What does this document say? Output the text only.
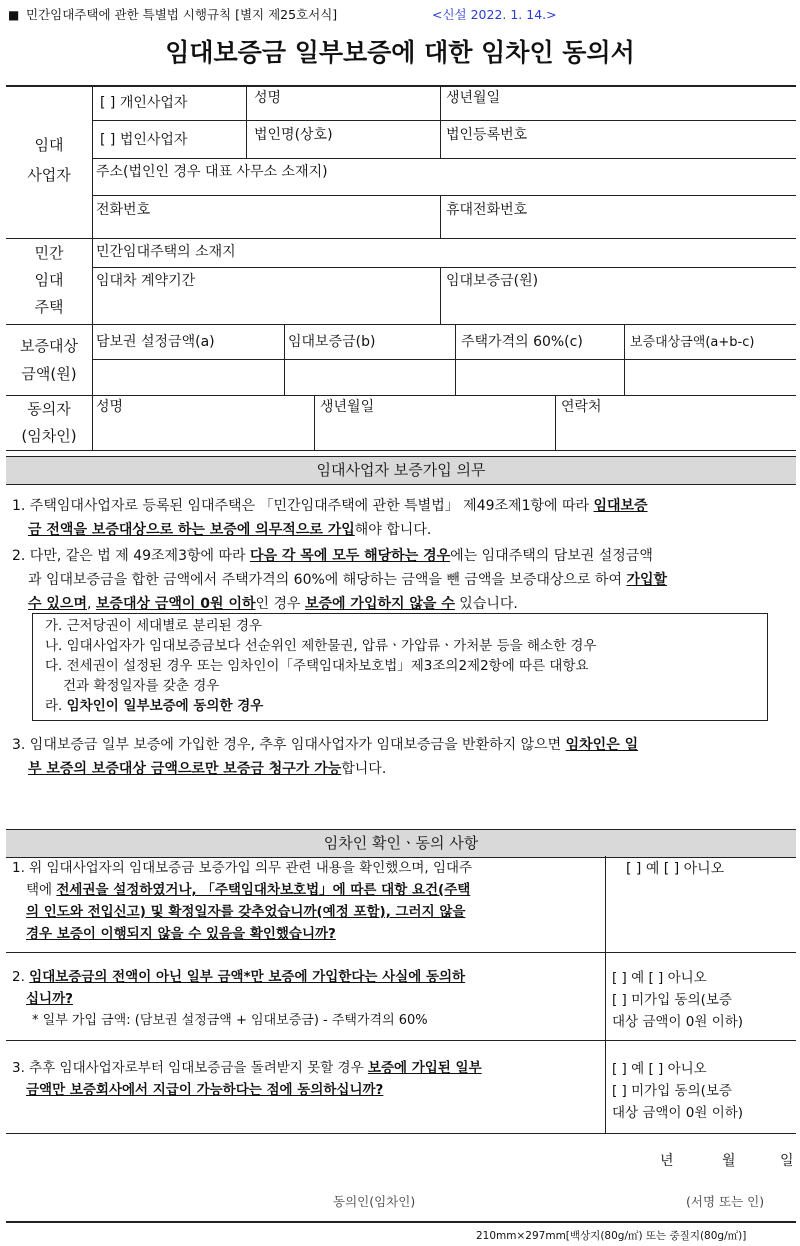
■ 민간임대주택에 관한 특별법 시행규칙 [별지 제25호서식]	<신설 2022. 1. 14.>
임대보증금 일부보증에 대한 임차인 동의서
임대
사업자
[ ] 개인사업자	성명	생년월일
[ ] 법인사업자	법인명(상호)	법인등록번호
주소(법인인 경우 대표 사무소 소재지)
전화번호	휴대전화번호
민간
임대
주택
민간임대주택의 소재지
임대차 계약기간	임대보증금(원)
보증대상
금액(원)
담보권 설정금액(a)	임대보증금(b)	주택가격의 60%(c)	보증대상금액(a+b-c)
동의자
(임차인)
성명	생년월일	연락처
임대사업자 보증가입 의무
1. 주택임대사업자로 등록된 임대주택은 「민간임대주택에 관한 특별법」 제49조제1항에 따라 임대보증
금 전액을 보증대상으로 하는 보증에 의무적으로 가입해야 합니다.
2. 다만, 같은 법 제 49조제3항에 따라 다음 각 목에 모두 해당하는 경우에는 임대주택의 담보권 설정금액
과 임대보증금을 합한 금액에서 주택가격의 60%에 해당하는 금액을 뺀 금액을 보증대상으로 하여 가입할
수 있으며, 보증대상 금액이 0원 이하인 경우 보증에 가입하지 않을 수 있습니다.
가. 근저당권이 세대별로 분리된 경우
나. 임대사업자가 임대보증금보다 선순위인 제한물권, 압류ㆍ가압류ㆍ가처분 등을 해소한 경우
다. 전세권이 설정된 경우 또는 임차인이「주택임대차보호법」제3조의2제2항에 따른 대항요
건과 확정일자를 갖춘 경우
라. 임차인이 일부보증에 동의한 경우
3. 임대보증금 일부 보증에 가입한 경우, 추후 임대사업자가 임대보증금을 반환하지 않으면 임차인은 일
부 보증의 보증대상 금액으로만 보증금 청구가 가능합니다.
임차인 확인ㆍ동의 사항
1. 위 임대사업자의 임대보증금 보증가입 의무 관련 내용을 확인했으며, 임대주
택에 전세권을 설정하였거나, 「주택임대차보호법」에 따른 대항 요건(주택
의 인도와 전입신고) 및 확정일자를 갖추었습니까(예정 포함), 그러지 않을
경우 보증이 이행되지 않을 수 있음을 확인했습니까?
[ ] 예 [ ] 아니오
2. 임대보증금의 전액이 아닌 일부 금액*만 보증에 가입한다는 사실에 동의하
십니까?
* 일부 가입 금액: (담보권 설정금액 + 임대보증금) - 주택가격의 60%
[ ] 예 [ ] 아니오
[ ] 미가입 동의(보증
대상 금액이 0원 이하)
3. 추후 임대사업자로부터 임대보증금을 돌려받지 못할 경우 보증에 가입된 일부
금액만 보증회사에서 지급이 가능하다는 점에 동의하십니까?
[ ] 예 [ ] 아니오
[ ] 미가입 동의(보증
대상 금액이 0원 이하)
년	월	일
동의인(임차인)	(서명 또는 인)
210mm×297mm[백상지(80g/㎡) 또는 중질지(80g/㎡)]
